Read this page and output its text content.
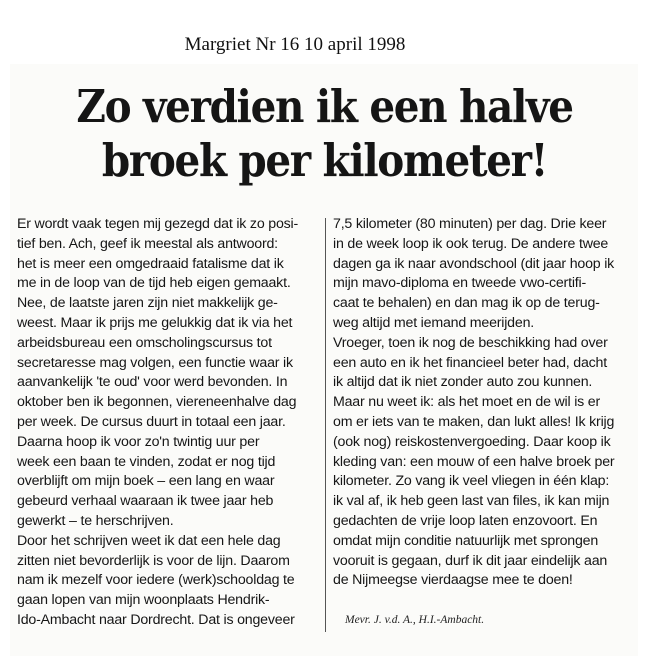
Margriet Nr 16 10 april 1998
Zo verdien ik een halve
broek per kilometer!
Er wordt vaak tegen mij gezegd dat ik zo posi-
tief ben. Ach, geef ik meestal als antwoord:
het is meer een omgedraaid fatalisme dat ik
me in de loop van de tijd heb eigen gemaakt.
Nee, de laatste jaren zijn niet makkelijk ge-
weest. Maar ik prijs me gelukkig dat ik via het
arbeidsbureau een omscholingscursus tot
secretaresse mag volgen, een functie waar ik
aanvankelijk 'te oud' voor werd bevonden. In
oktober ben ik begonnen, viereneenhalve dag
per week. De cursus duurt in totaal een jaar.
Daarna hoop ik voor zo'n twintig uur per
week een baan te vinden, zodat er nog tijd
overblijft om mijn boek – een lang en waar
gebeurd verhaal waaraan ik twee jaar heb
gewerkt – te herschrijven.
Door het schrijven weet ik dat een hele dag
zitten niet bevorderlijk is voor de lijn. Daarom
nam ik mezelf voor iedere (werk)schooldag te
gaan lopen van mijn woonplaats Hendrik-
Ido-Ambacht naar Dordrecht. Dat is ongeveer
7,5 kilometer (80 minuten) per dag. Drie keer
in de week loop ik ook terug. De andere twee
dagen ga ik naar avondschool (dit jaar hoop ik
mijn mavo-diploma en tweede vwo-certifi-
caat te behalen) en dan mag ik op de terug-
weg altijd met iemand meerijden.
Vroeger, toen ik nog de beschikking had over
een auto en ik het financieel beter had, dacht
ik altijd dat ik niet zonder auto zou kunnen.
Maar nu weet ik: als het moet en de wil is er
om er iets van te maken, dan lukt alles! Ik krijg
(ook nog) reiskostenvergoeding. Daar koop ik
kleding van: een mouw of een halve broek per
kilometer. Zo vang ik veel vliegen in één klap:
ik val af, ik heb geen last van files, ik kan mijn
gedachten de vrije loop laten enzovoort. En
omdat mijn conditie natuurlijk met sprongen
vooruit is gegaan, durf ik dit jaar eindelijk aan
de Nijmeegse vierdaagse mee te doen!
Mevr. J. v.d. A., H.I.-Ambacht.
